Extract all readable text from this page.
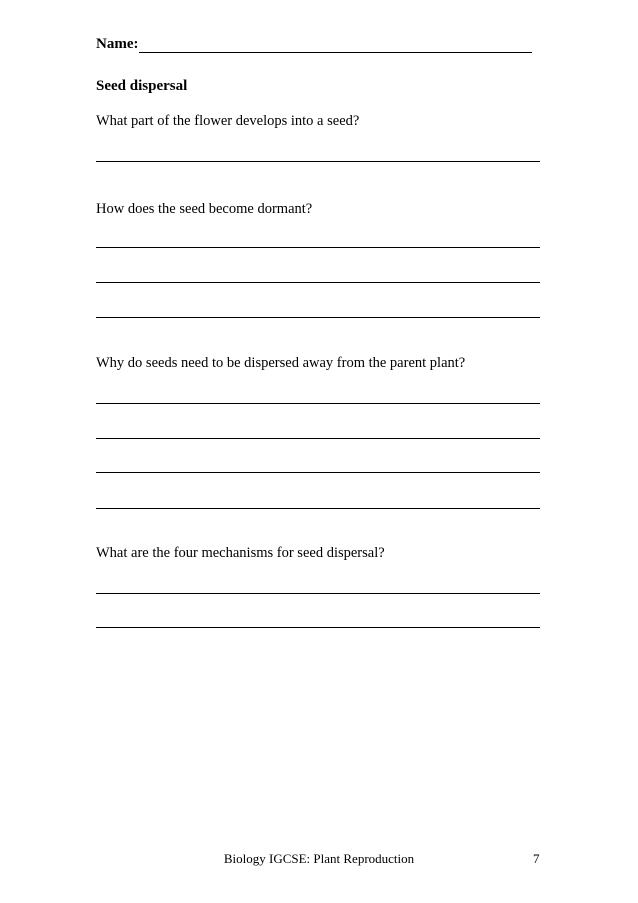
Name:
Seed dispersal
What part of the flower develops into a seed?
How does the seed become dormant?
Why do seeds need to be dispersed away from the parent plant?
What are the four mechanisms for seed dispersal?
Biology IGCSE: Plant Reproduction	7
